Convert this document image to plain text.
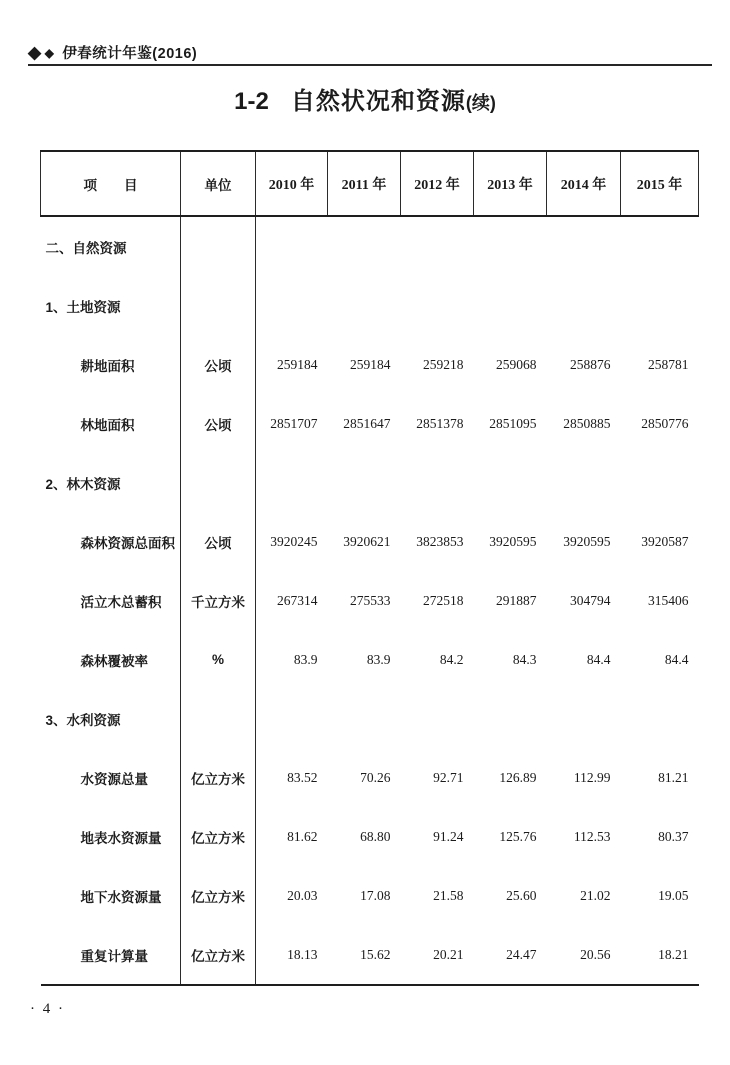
◆ ◆ 伊春统计年鉴(2016)
1-2 自然状况和资源(续)
项　　目	单位	2010 年	2011 年	2012 年	2013 年	2014 年	2015 年
二、自然资源							
1、土地资源							
耕地面积	公顷	259184	259184	259218	259068	258876	258781
林地面积	公顷	2851707	2851647	2851378	2851095	2850885	2850776
2、林木资源							
森林资源总面积	公顷	3920245	3920621	3823853	3920595	3920595	3920587
活立木总蓄积	千立方米	267314	275533	272518	291887	304794	315406
森林覆被率	%	83.9	83.9	84.2	84.3	84.4	84.4
3、水利资源							
水资源总量	亿立方米	83.52	70.26	92.71	126.89	112.99	81.21
地表水资源量	亿立方米	81.62	68.80	91.24	125.76	112.53	80.37
地下水资源量	亿立方米	20.03	17.08	21.58	25.60	21.02	19.05
重复计算量	亿立方米	18.13	15.62	20.21	24.47	20.56	18.21
· 4 ·
